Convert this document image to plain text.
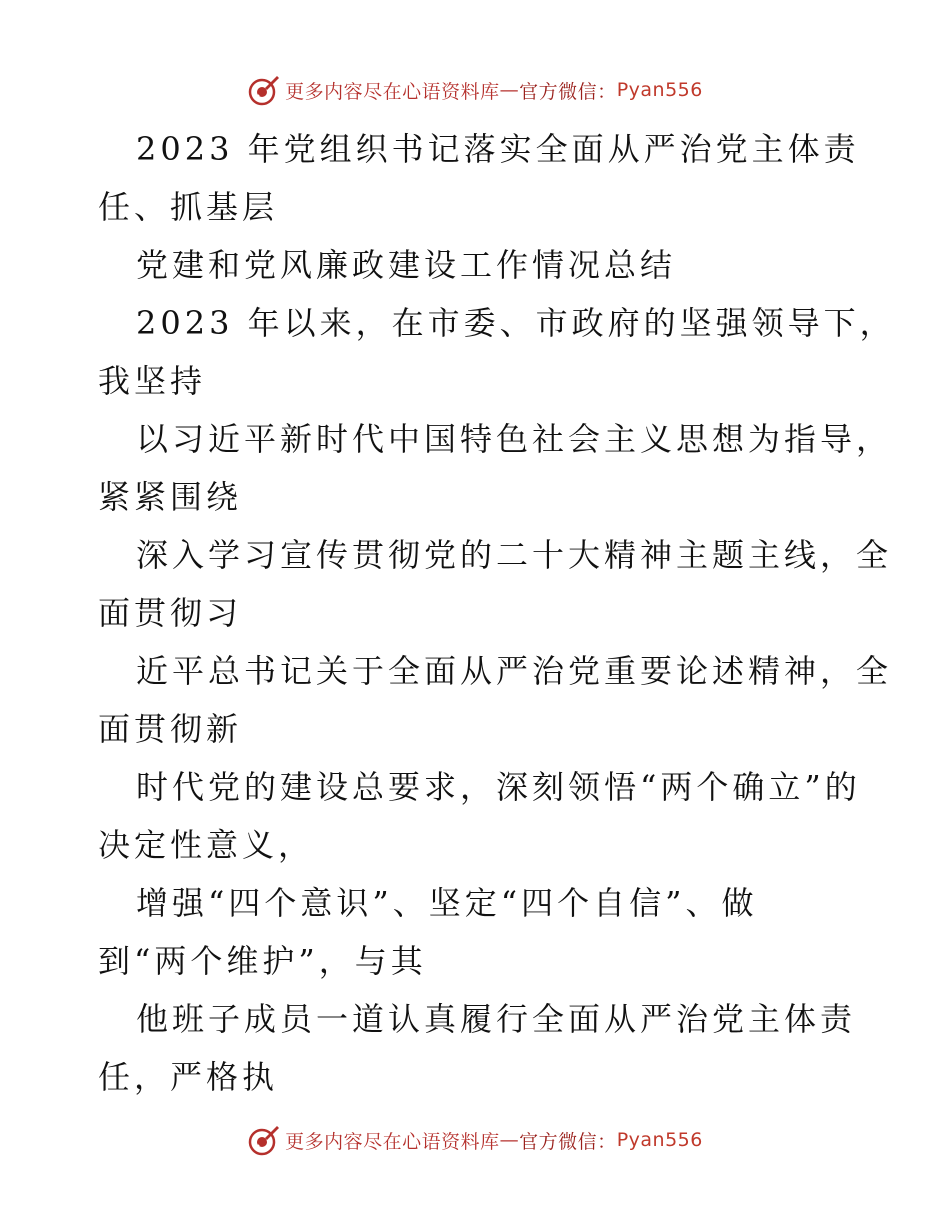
更多内容尽在心语资料库 — 官方微信： Pyan556
2023 年党组织书记落实全面从严治党主体责
任、抓基层
党建和党风廉政建设工作情况总结
2023 年以来，在市委、市政府的坚强领导下，
我坚持
以习近平新时代中国特色社会主义思想为指导，
紧紧围绕
深入学习宣传贯彻党的二十大精神主题主线，全
面贯彻习
近平总书记关于全面从严治党重要论述精神，全
面贯彻新
时代党的建设总要求，深刻领悟“两个确立”的
决定性意义，
增强“四个意识”、坚定“四个自信”、做
到“两个维护”，与其
他班子成员一道认真履行全面从严治党主体责
任，严格执
更多内容尽在心语资料库 — 官方微信： Pyan556
